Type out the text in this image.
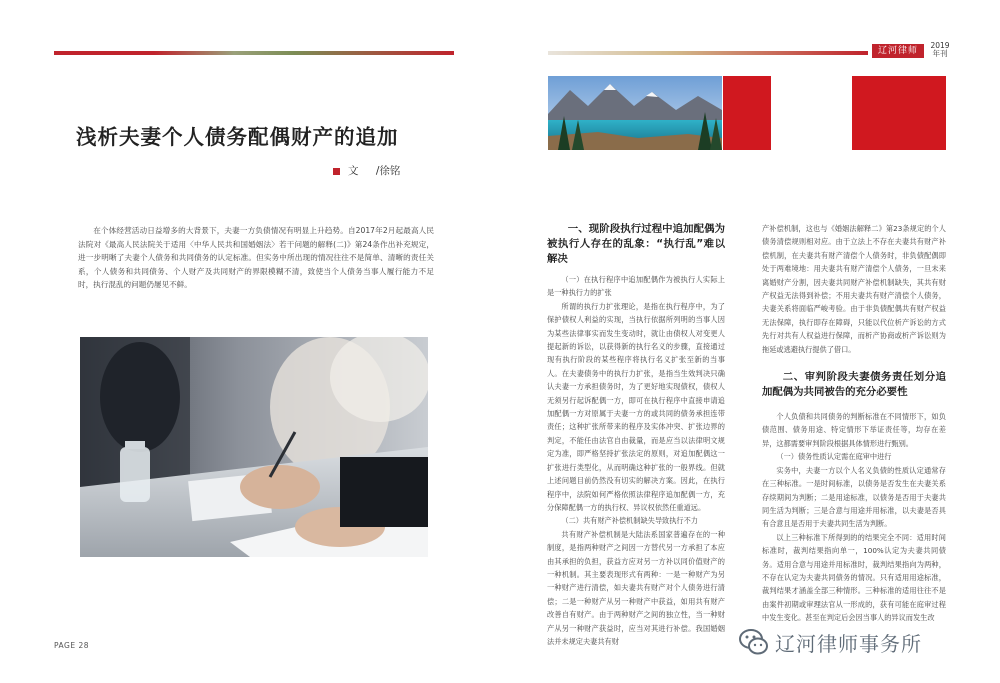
辽河律师
2019
年刊
浅析夫妻个人债务配偶财产的追加
文 /徐铭
在个体经营活动日益增多的大背景下，夫妻一方负债情况有明显上升趋势。自2017年2月起最高人民法院对《最高人民法院关于适用〈中华人民共和国婚姻法〉若干问题的解释(二)》第24条作出补充规定，进一步明晰了夫妻个人债务和共同债务的认定标准。但实务中所出现的情况往往不是简单、清晰的责任关系，个人债务和共同债务、个人财产及共同财产的界限模糊不清，致使当个人债务当事人履行能力不足时，执行混乱的问题仍屡见不鲜。

一、现阶段执行过程中追加配偶为被执行人存在的乱象：“执行乱”难以解决

（一）在执行程序中追加配偶作为被执行人实际上是一种执行力的扩张

所谓的执行力扩张理论，是指在执行程序中，为了保护债权人利益的实现，当执行依据所列明的当事人因为某些法律事实而发生变动时，就让由债权人对变更人提起新的诉讼，以获得新的执行名义的步骤，直接通过现有执行阶段的某些程序将执行名义扩张至新的当事人。在夫妻债务中的执行力扩张，是指当生效判决只确认夫妻一方承担债务时，为了更好地实现债权，债权人无须另行起诉配偶一方，即可在执行程序中直接申请追加配偶一方对原属于夫妻一方的或共同的债务承担连带责任；这种扩张所带来的程序及实体冲突、扩张边界的判定，不能任由法官自由裁量，而是应当以法律明文规定为准，即严格坚持扩张法定的原则，对追加配偶这一扩张进行类型化，从而明确这种扩张的一般界线。但就上述问题目前仍然没有切实的解决方案。因此，在执行程序中，法院如何严格依照法律程序追加配偶一方，充分保障配偶一方的执行权、异议权依然任重道远。

（二）共有财产补偿机制缺失导致执行不力

共有财产补偿机制是大陆法系国家普遍存在的一种制度，是指两种财产之间因一方替代另一方承担了本应由其承担的负担，获益方应对另一方补以同价值财产的一种机制。其主要表现形式有两种：一是一种财产为另一种财产进行清偿，如夫妻共有财产对个人债务进行清偿；二是一种财产从另一种财产中获益，如用共有财产改善自有财产。由于两种财产之间的独立性，当一种财产从另一种财产获益时，应当对其进行补偿。我国婚姻法并未规定夫妻共有财

产补偿机制，这也与《婚姻法解释二》第23条规定的个人债务清偿规则相对应。由于立法上不存在夫妻共有财产补偿机制，在夫妻共有财产清偿个人债务时，非负债配偶即处于两难境地：用夫妻共有财产清偿个人债务，一旦未来离婚财产分割，因夫妻共同财产补偿机制缺失，其共有财产权益无法得到补偿；不用夫妻共有财产清偿个人债务，夫妻关系将面临严峻考验。由于非负债配偶共有财产权益无法保障，执行即存在障碍，只能以代位析产诉讼的方式先行对共有人权益进行保障，而析产协商或析产诉讼则为拖延或逃避执行提供了借口。

二、审判阶段夫妻债务责任划分追加配偶为共同被告的充分必要性

个人负债和共同债务的判断标准在不同情形下，如负债范围、债务用途、特定情形下举证责任等，均存在差异，这都需要审判阶段根据具体情形进行甄别。

（一）债务性质认定需在庭审中进行

实务中，夫妻一方以个人名义负债的性质认定通常存在三种标准。一是时间标准，以债务是否发生在夫妻关系存续期间为判断；二是用途标准，以债务是否用于夫妻共同生活为判断；三是合意与用途并用标准，以夫妻是否具有合意且是否用于夫妻共同生活为判断。

以上三种标准下所得到的的结果完全不同：适用时间标准时，裁判结果指向单一，100%认定为夫妻共同债务。适用合意与用途并用标准时，裁判结果指向为两种，不存在认定为夫妻共同债务的情况。只有适用用途标准，裁判结果才涵盖全部三种情形。三种标准的适用往往不是由案件初期或审理法官从一形成的，获有可能在庭审过程中发生变化。甚至在判定后会因当事人的异议而发生改

PAGE 28	辽河律师事务所
